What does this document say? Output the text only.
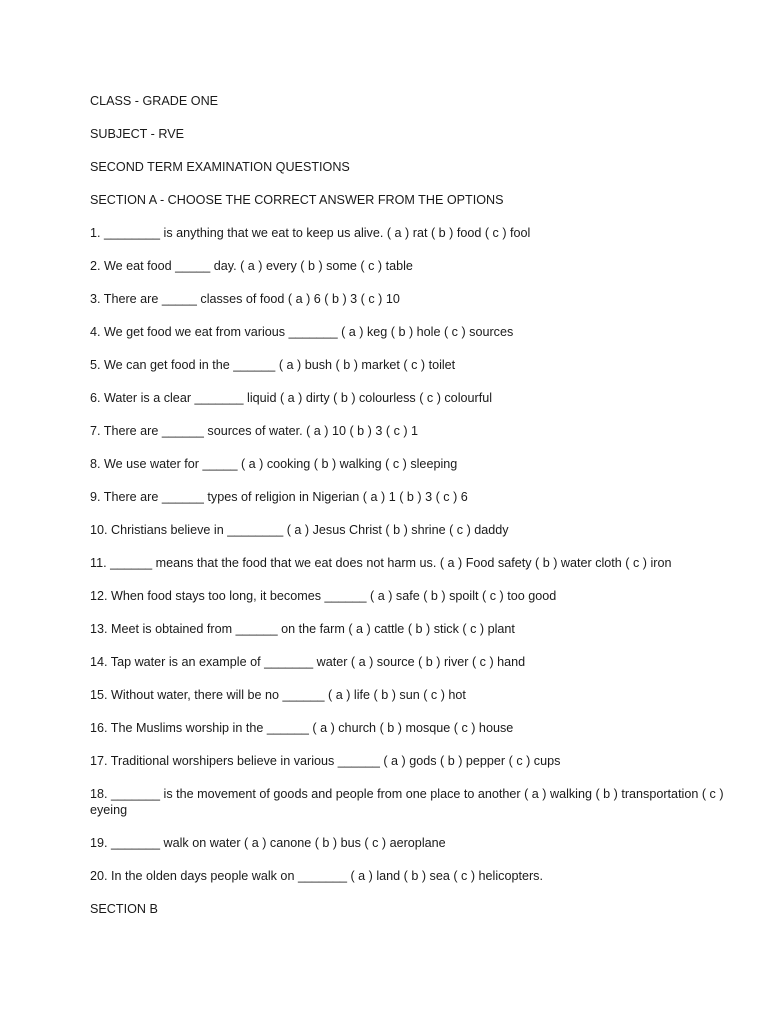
CLASS - GRADE ONE

SUBJECT - RVE

SECOND TERM EXAMINATION QUESTIONS

SECTION A - CHOOSE THE CORRECT ANSWER FROM THE OPTIONS

1. ________ is anything that we eat to keep us alive. ( a ) rat ( b ) food ( c ) fool

2. We eat food _____ day. ( a ) every ( b ) some ( c ) table

3. There are _____ classes of food ( a ) 6 ( b ) 3 ( c ) 10

4. We get food we eat from various _______ ( a ) keg ( b ) hole ( c ) sources

5. We can get food in the ______ ( a ) bush ( b ) market ( c ) toilet

6. Water is a clear _______ liquid ( a ) dirty ( b ) colourless ( c ) colourful

7. There are ______ sources of water. ( a ) 10 ( b ) 3 ( c ) 1

8. We use water for _____ ( a ) cooking ( b ) walking ( c ) sleeping

9. There are ______ types of religion in Nigerian ( a ) 1 ( b ) 3 ( c ) 6

10. Christians believe in ________ ( a ) Jesus Christ ( b ) shrine ( c ) daddy

11. ______ means that the food that we eat does not harm us. ( a ) Food safety ( b ) water cloth ( c ) iron

12. When food stays too long, it becomes ______ ( a ) safe ( b ) spoilt ( c ) too good

13. Meet is obtained from ______ on the farm ( a ) cattle ( b ) stick ( c ) plant

14. Tap water is an example of _______ water ( a ) source ( b ) river ( c ) hand

15. Without water, there will be no ______ ( a ) life ( b ) sun ( c ) hot

16. The Muslims worship in the ______ ( a ) church ( b ) mosque ( c ) house

17. Traditional worshipers believe in various ______ ( a ) gods ( b ) pepper ( c ) cups

18. _______ is the movement of goods and people from one place to another ( a ) walking ( b ) transportation ( c ) eyeing

19. _______ walk on water ( a ) canone ( b ) bus ( c ) aeroplane

20. In the olden days people walk on _______ ( a ) land ( b ) sea ( c ) helicopters.

SECTION B
